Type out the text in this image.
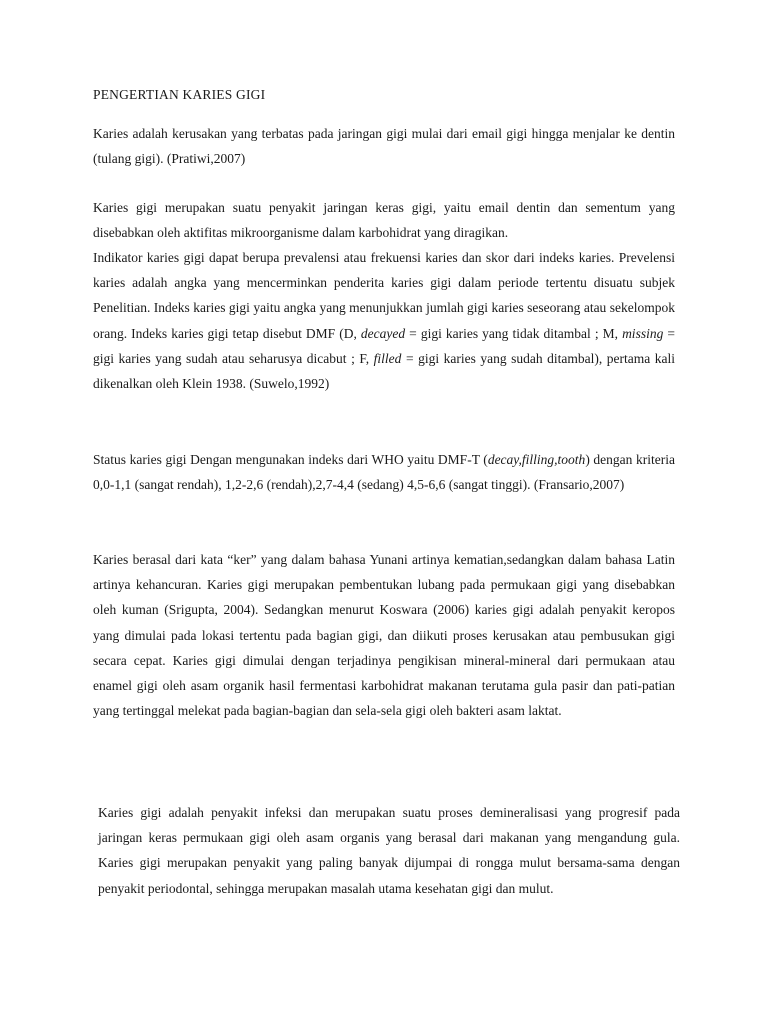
PENGERTIAN KARIES GIGI

Karies adalah kerusakan yang terbatas pada jaringan gigi mulai dari email gigi hingga menjalar ke dentin (tulang gigi). (Pratiwi,2007)

Karies gigi merupakan suatu penyakit jaringan keras gigi, yaitu email dentin dan sementum yang disebabkan oleh aktifitas mikroorganisme dalam karbohidrat yang diragikan.

Indikator karies gigi dapat berupa prevalensi atau frekuensi karies dan skor dari indeks karies. Prevelensi karies adalah angka yang mencerminkan penderita karies gigi dalam periode tertentu disuatu subjek Penelitian. Indeks karies gigi yaitu angka yang menunjukkan jumlah gigi karies seseorang atau sekelompok orang. Indeks karies gigi tetap disebut DMF (D, decayed = gigi karies yang tidak ditambal ; M, missing = gigi karies yang sudah atau seharusya dicabut ; F, filled = gigi karies yang sudah ditambal), pertama kali dikenalkan oleh Klein 1938. (Suwelo,1992)

Status karies gigi Dengan mengunakan indeks dari WHO yaitu DMF-T (decay,filling,tooth) dengan kriteria 0,0-1,1 (sangat rendah), 1,2-2,6 (rendah),2,7-4,4 (sedang) 4,5-6,6 (sangat tinggi). (Fransario,2007)

Karies berasal dari kata “ker” yang dalam bahasa Yunani artinya kematian,sedangkan dalam bahasa Latin artinya kehancuran. Karies gigi merupakan pembentukan lubang pada permukaan gigi yang disebabkan oleh kuman (Srigupta, 2004). Sedangkan menurut Koswara (2006) karies gigi adalah penyakit keropos yang dimulai pada lokasi tertentu pada bagian gigi, dan diikuti proses kerusakan atau pembusukan gigi secara cepat. Karies gigi dimulai dengan terjadinya pengikisan mineral-mineral dari permukaan atau enamel gigi oleh asam organik hasil fermentasi karbohidrat makanan terutama gula pasir dan pati-patian yang tertinggal melekat pada bagian-bagian dan sela-sela gigi oleh bakteri asam laktat.

Karies gigi adalah penyakit infeksi dan merupakan suatu proses demineralisasi yang progresif pada jaringan keras permukaan gigi oleh asam organis yang berasal dari makanan yang mengandung gula. Karies gigi merupakan penyakit yang paling banyak dijumpai di rongga mulut bersama-sama dengan penyakit periodontal, sehingga merupakan masalah utama kesehatan gigi dan mulut.
